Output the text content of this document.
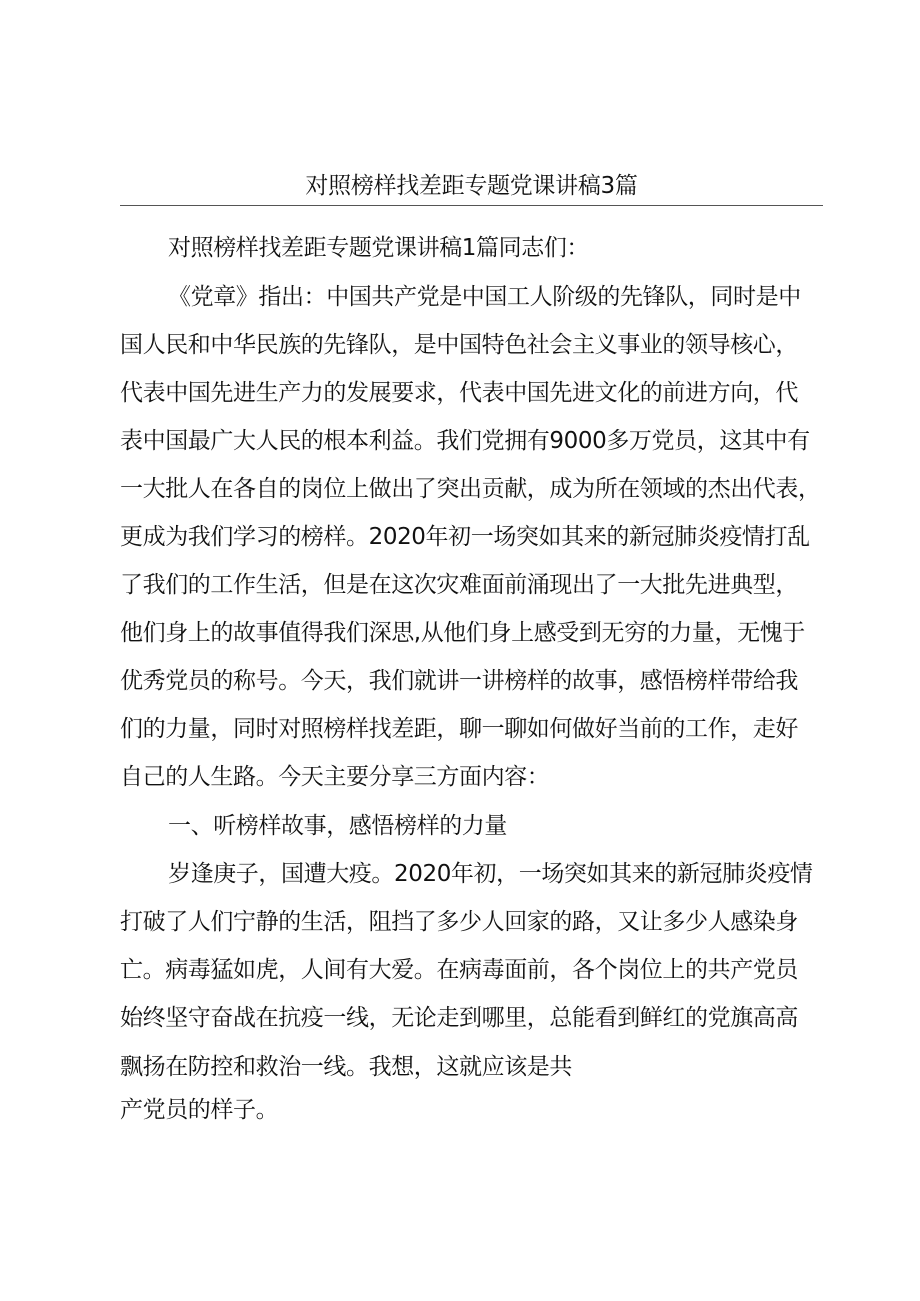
对照榜样找差距专题党课讲稿3篇
对照榜样找差距专题党课讲稿1篇同志们：
《党章》指出：中国共产党是中国工人阶级的先锋队，同时是中
国人民和中华民族的先锋队，是中国特色社会主义事业的领导核心，
代表中国先进生产力的发展要求，代表中国先进文化的前进方向，代
表中国最广大人民的根本利益。我们党拥有9000多万党员，这其中有
一大批人在各自的岗位上做出了突出贡献，成为所在领域的杰出代表，
更成为我们学习的榜样。2020年初一场突如其来的新冠肺炎疫情打乱
了我们的工作生活，但是在这次灾难面前涌现出了一大批先进典型，
他们身上的故事值得我们深思,从他们身上感受到无穷的力量，无愧于
优秀党员的称号。今天，我们就讲一讲榜样的故事，感悟榜样带给我
们的力量，同时对照榜样找差距，聊一聊如何做好当前的工作，走好
自己的人生路。今天主要分享三方面内容：
一、听榜样故事，感悟榜样的力量
岁逢庚子，国遭大疫。2020年初，一场突如其来的新冠肺炎疫情
打破了人们宁静的生活，阻挡了多少人回家的路，又让多少人感染身
亡。病毒猛如虎，人间有大爱。在病毒面前，各个岗位上的共产党员
始终坚守奋战在抗疫一线，无论走到哪里，总能看到鲜红的党旗高高
飘扬在防控和救治一线。我想，这就应该是共
产党员的样子。
